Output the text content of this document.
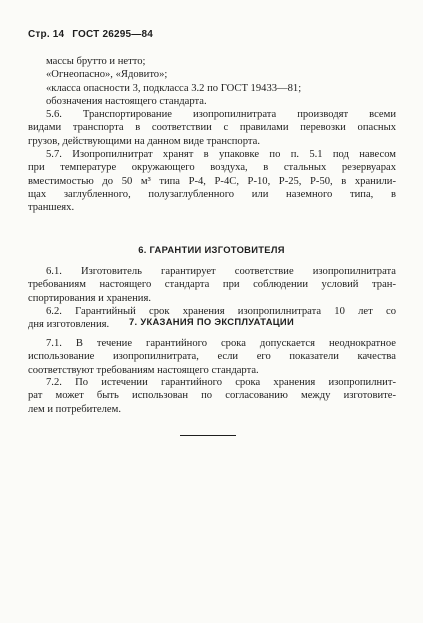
Стр. 14 ГОСТ 26295—84
массы брутто и нетто;
«Огнеопасно», «Ядовито»;
«класса опасности 3, подкласса 3.2 по ГОСТ 19433—81;
обозначения настоящего стандарта.
5.6. Транспортирование изопропилнитрата производят всеми
видами транспорта в соответствии с правилами перевозки опасных
грузов, действующими на данном виде транспорта.
5.7. Изопропилнитрат хранят в упаковке по п. 5.1 под навесом
при температуре окружающего воздуха, в стальных резервуарах
вместимостью до 50 м³ типа Р-4, Р-4С, Р-10, Р-25, Р-50, в хранили-
щах заглубленного, полузаглубленного или наземного типа, в
траншеях.
6. ГАРАНТИИ ИЗГОТОВИТЕЛЯ
6.1. Изготовитель гарантирует соответствие изопропилнитрата
требованиям настоящего стандарта при соблюдении условий тран-
спортирования и хранения.
6.2. Гарантийный срок хранения изопропилнитрата 10 лет со
дня изготовления.	7. УКАЗАНИЯ ПО ЭКСПЛУАТАЦИИ
7.1. В течение гарантийного срока допускается неоднократное
использование изопропилнитрата, если его показатели качества
соответствуют требованиям настоящего стандарта.
7.2. По истечении гарантийного срока хранения изопропилнит-
рат может быть использован по согласованию между изготовите-
лем и потребителем.
